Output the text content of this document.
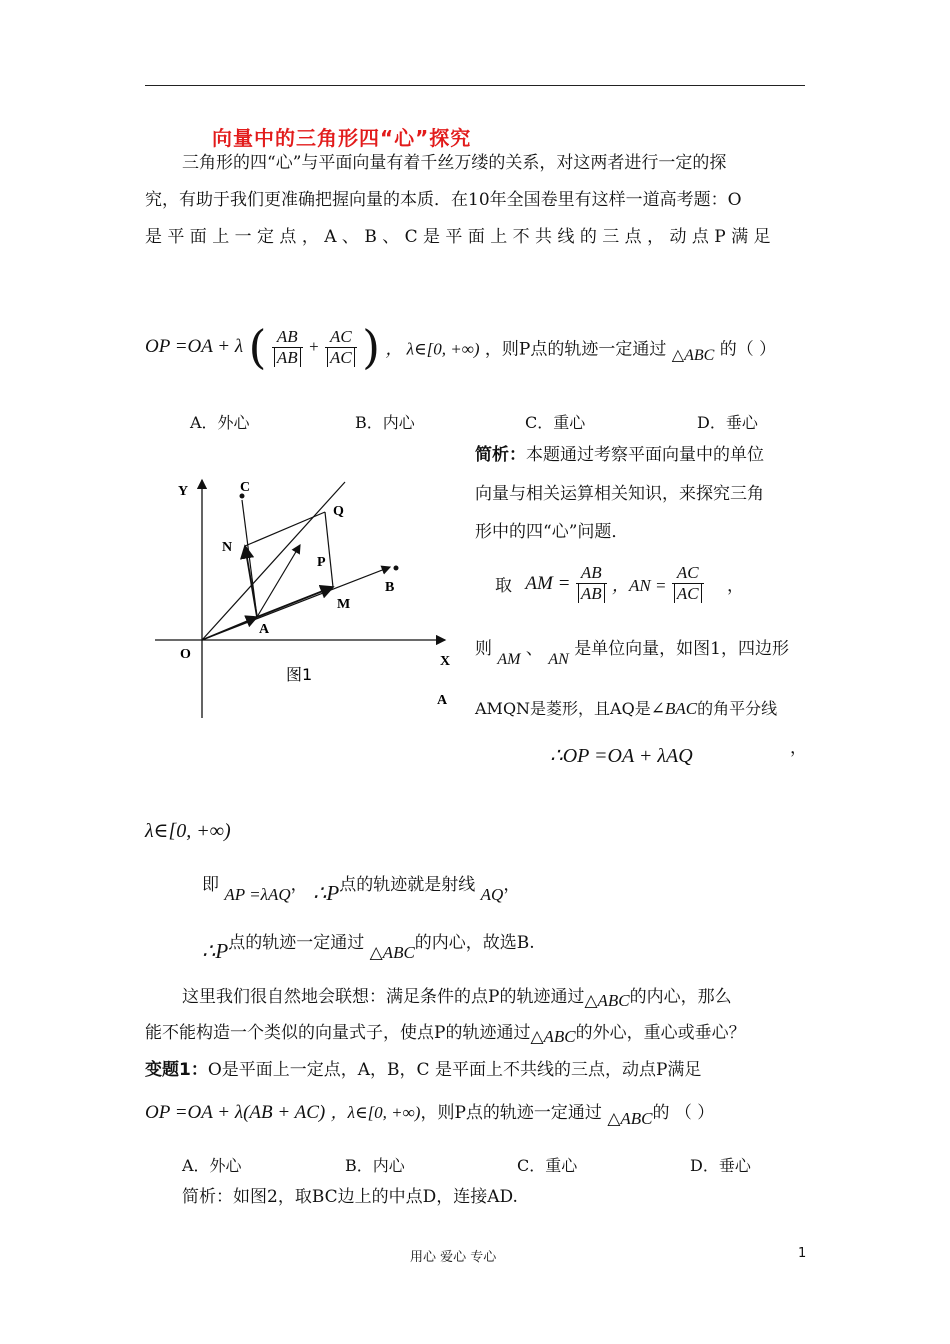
向量中的三角形四“心”探究
三角形的四“心”与平面向量有着千丝万缕的关系，对这两者进行一定的探
究，有助于我们更准确把握向量的本质．在10年全国卷里有这样一道高考题：O
是 平 面 上 一 定 点 ， A 、 B 、 C 是 平 面 上 不 共 线 的 三 点 ， 动 点 P 满 足
OP =OA + λ ( $\frac{AB}{AB} + \frac{AC}{AC}$ ) ， λ∈[0, +∞) ，则P点的轨迹一定通过 △ABC 的（ ）
A．外心	B．内心	C．重心	D．垂心
Y
X
O
A
B
C
N
Q
P
M
A
图1
简析：本题通过考察平面向量中的单位
向量与相关运算相关知识，来探究三角
形中的四“心”问题．
取 AM = $\frac{AB}{AB}$ ，AN = $\frac{AC}{AC}$ ，
则 AM 、 AN 是单位向量，如图1，四边形
AMQN是菱形，且AQ是∠BAC的角平分线
∴OP =OA + λAQ	，
λ∈[0, +∞)
即 AP =λAQ， ∴P点的轨迹就是射线 AQ，
∴P点的轨迹一定通过 △ABC的内心，故选B.
这里我们很自然地会联想：满足条件的点P的轨迹通过△ABC的内心，那么
能不能构造一个类似的向量式子，使点P的轨迹通过△ABC的外心，重心或垂心？
变题1：O是平面上一定点，A，B，C 是平面上不共线的三点，动点P满足
OP =OA + λ(AB + AC) ，λ∈[0, +∞)，则P点的轨迹一定通过 △ABC的 （ ）
A．外心	B．内心	C．重心	D．垂心
简析：如图2，取BC边上的中点D，连接AD.
用心 爱心 专心	1
